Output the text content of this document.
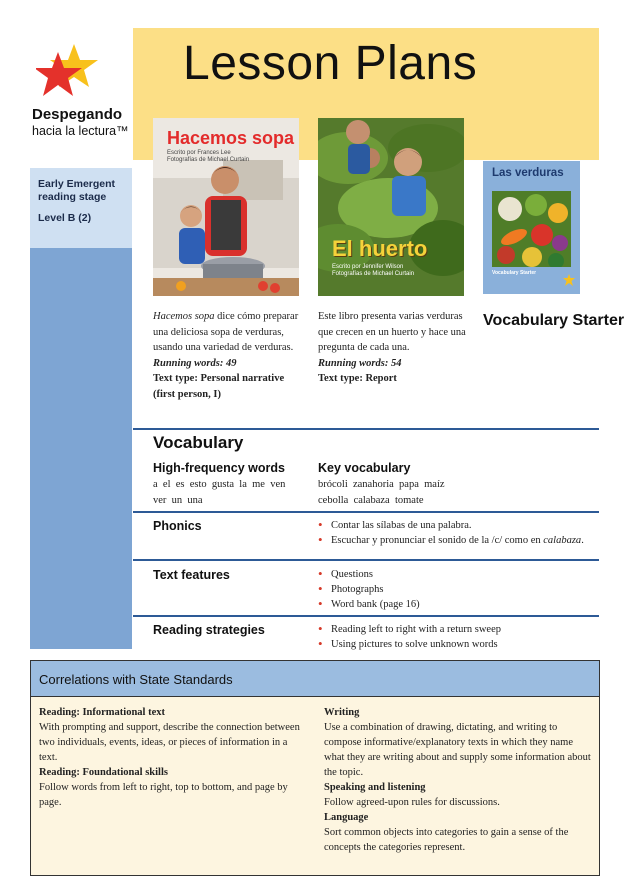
Despegando
hacia la lectura™
Lesson Plans
Early Emergent reading stage
Level B (2)
Hacemos sopa
Escrito por Frances Lee
Fotografías de Michael Curtain
El huerto
Escrito por Jennifer Wilson
Fotografías de Michael Curtain
Las verduras
Vocabulary Starter
Hacemos sopa dice cómo preparar una deliciosa sopa de verduras, usando una variedad de verduras.
Running words: 49
Text type: Personal narrative (first person, I)
Este libro presenta varias verduras que crecen en un huerto y hace una pregunta de cada una.
Running words: 54
Text type: Report
Vocabulary Starter
Vocabulary
High-frequency words
a  el  es  esto  gusta  la  me  ven
ver  un  una
Key vocabulary
brócoli  zanahoria  papa  maíz
cebolla  calabaza  tomate
Phonics	• Contar las sílabas de una palabra.
• Escuchar y pronunciar el sonido de la /c/ como en calabaza.
Text features	• Questions
• Photographs
• Word bank (page 16)
Reading strategies	• Reading left to right with a return sweep
• Using pictures to solve unknown words
Correlations with State Standards
Reading: Informational text
With prompting and support, describe the connection between two individuals, events, ideas, or pieces of information in a text.
Reading: Foundational skills
Follow words from left to right, top to bottom, and page by page.
Writing
Use a combination of drawing, dictating, and writing to compose informative/explanatory texts in which they name what they are writing about and supply some information about the topic.
Speaking and listening
Follow agreed-upon rules for discussions.
Language
Sort common objects into categories to gain a sense of the concepts the categories represent.
